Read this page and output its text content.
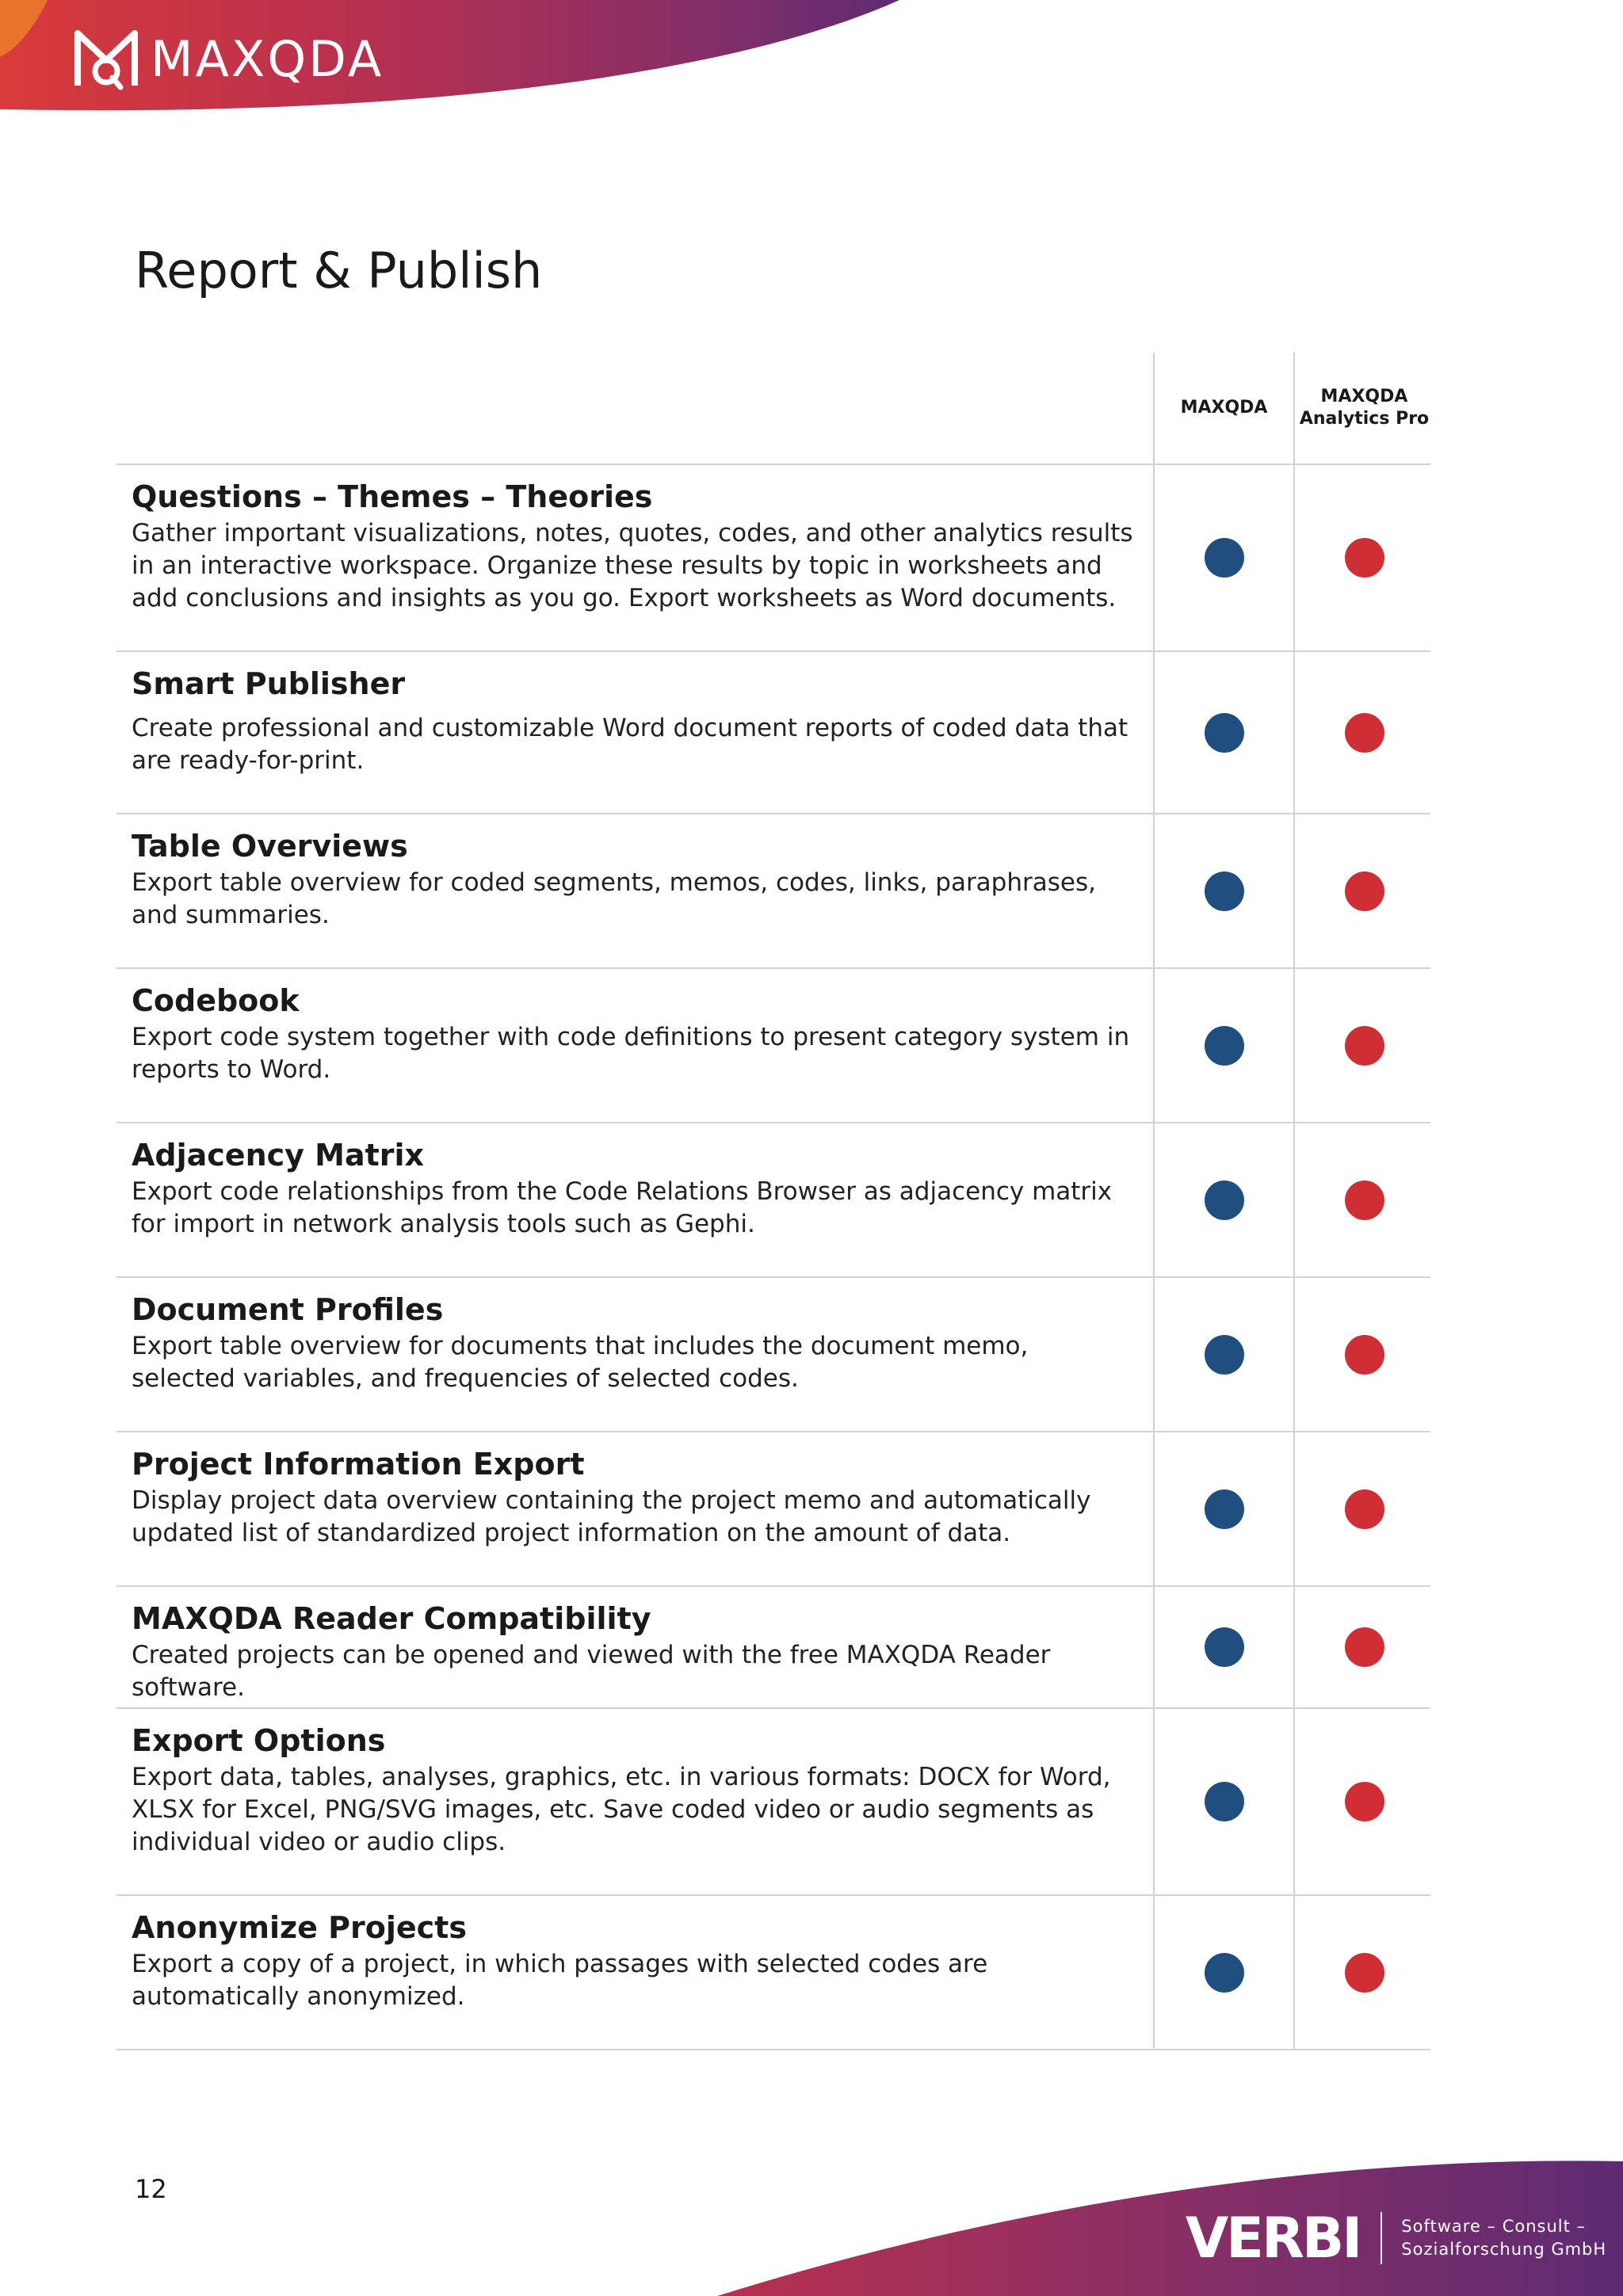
MAXQDA
Report & Publish
MAXQDA
MAXQDA
Analytics Pro

Questions – Themes – Theories

Gather important visualizations, notes, quotes, codes, and other analytics results in an interactive workspace. Organize these results by topic in worksheets and add conclusions and insights as you go. Export worksheets as Word documents.

Smart Publisher

Create professional and customizable Word document reports of coded data that are ready-for-print.

Table Overviews

Export table overview for coded segments, memos, codes, links, paraphrases, and summaries.

Codebook

Export code system together with code definitions to present category system in reports to Word.

Adjacency Matrix

Export code relationships from the Code Relations Browser as adjacency matrix for import in network analysis tools such as Gephi.

Document Profiles

Export table overview for documents that includes the document memo, selected variables, and frequencies of selected codes.

Project Information Export

Display project data overview containing the project memo and automatically updated list of standardized project information on the amount of data.

MAXQDA Reader Compatibility

Created projects can be opened and viewed with the free MAXQDA Reader software.

Export Options

Export data, tables, analyses, graphics, etc. in various formats: DOCX for Word, XLSX for Excel, PNG/SVG images, etc. Save coded video or audio segments as individual video or audio clips.

Anonymize Projects

Export a copy of a project, in which passages with selected codes are automatically anonymized.

12
VERBI Software – Consult –
Sozialforschung GmbH
